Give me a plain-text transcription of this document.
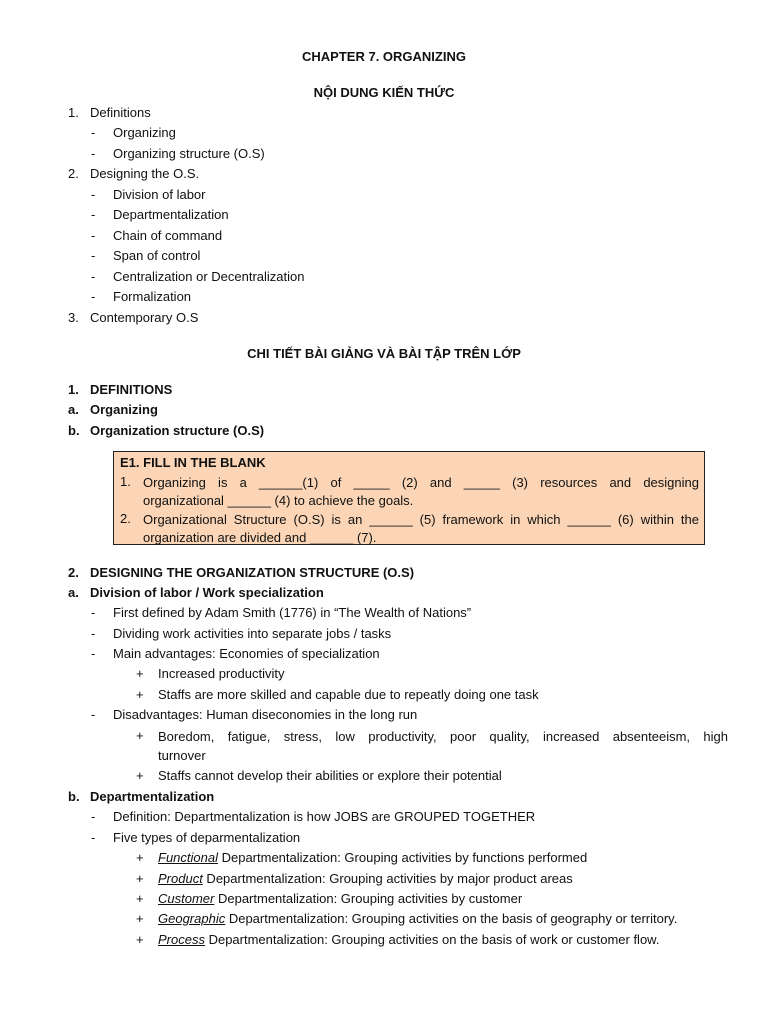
CHAPTER 7. ORGANIZING
NỘI DUNG KIẾN THỨC
1. Definitions
- Organizing
- Organizing structure (O.S)
2. Designing the O.S.
- Division of labor
- Departmentalization
- Chain of command
- Span of control
- Centralization or Decentralization
- Formalization
3. Contemporary O.S
CHI TIẾT BÀI GIẢNG VÀ BÀI TẬP TRÊN LỚP
1. DEFINITIONS
a. Organizing
b. Organization structure (O.S)
E1. FILL IN THE BLANK
1. Organizing is a ______(1) of _____ (2) and _____ (3) resources and designing
organizational ______ (4) to achieve the goals.
2. Organizational Structure (O.S) is an ______ (5) framework in which ______ (6) within the
organization are divided and ______ (7).
2. DESIGNING THE ORGANIZATION STRUCTURE (O.S)
a. Division of labor / Work specialization
- First defined by Adam Smith (1776) in “The Wealth of Nations”
- Dividing work activities into separate jobs / tasks
- Main advantages: Economies of specialization
+ Increased productivity
+ Staffs are more skilled and capable due to repeatly doing one task
- Disadvantages: Human diseconomies in the long run
+ Boredom, fatigue, stress, low productivity, poor quality, increased absenteeism, high
turnover
+ Staffs cannot develop their abilities or explore their potential
b. Departmentalization
- Definition: Departmentalization is how JOBS are GROUPED TOGETHER
- Five types of deparmentalization
+ Functional Departmentalization: Grouping activities by functions performed
+ Product Departmentalization: Grouping activities by major product areas
+ Customer Departmentalization: Grouping activities by customer
+ Geographic Departmentalization: Grouping activities on the basis of geography or territory.
+ Process Departmentalization: Grouping activities on the basis of work or customer flow.
